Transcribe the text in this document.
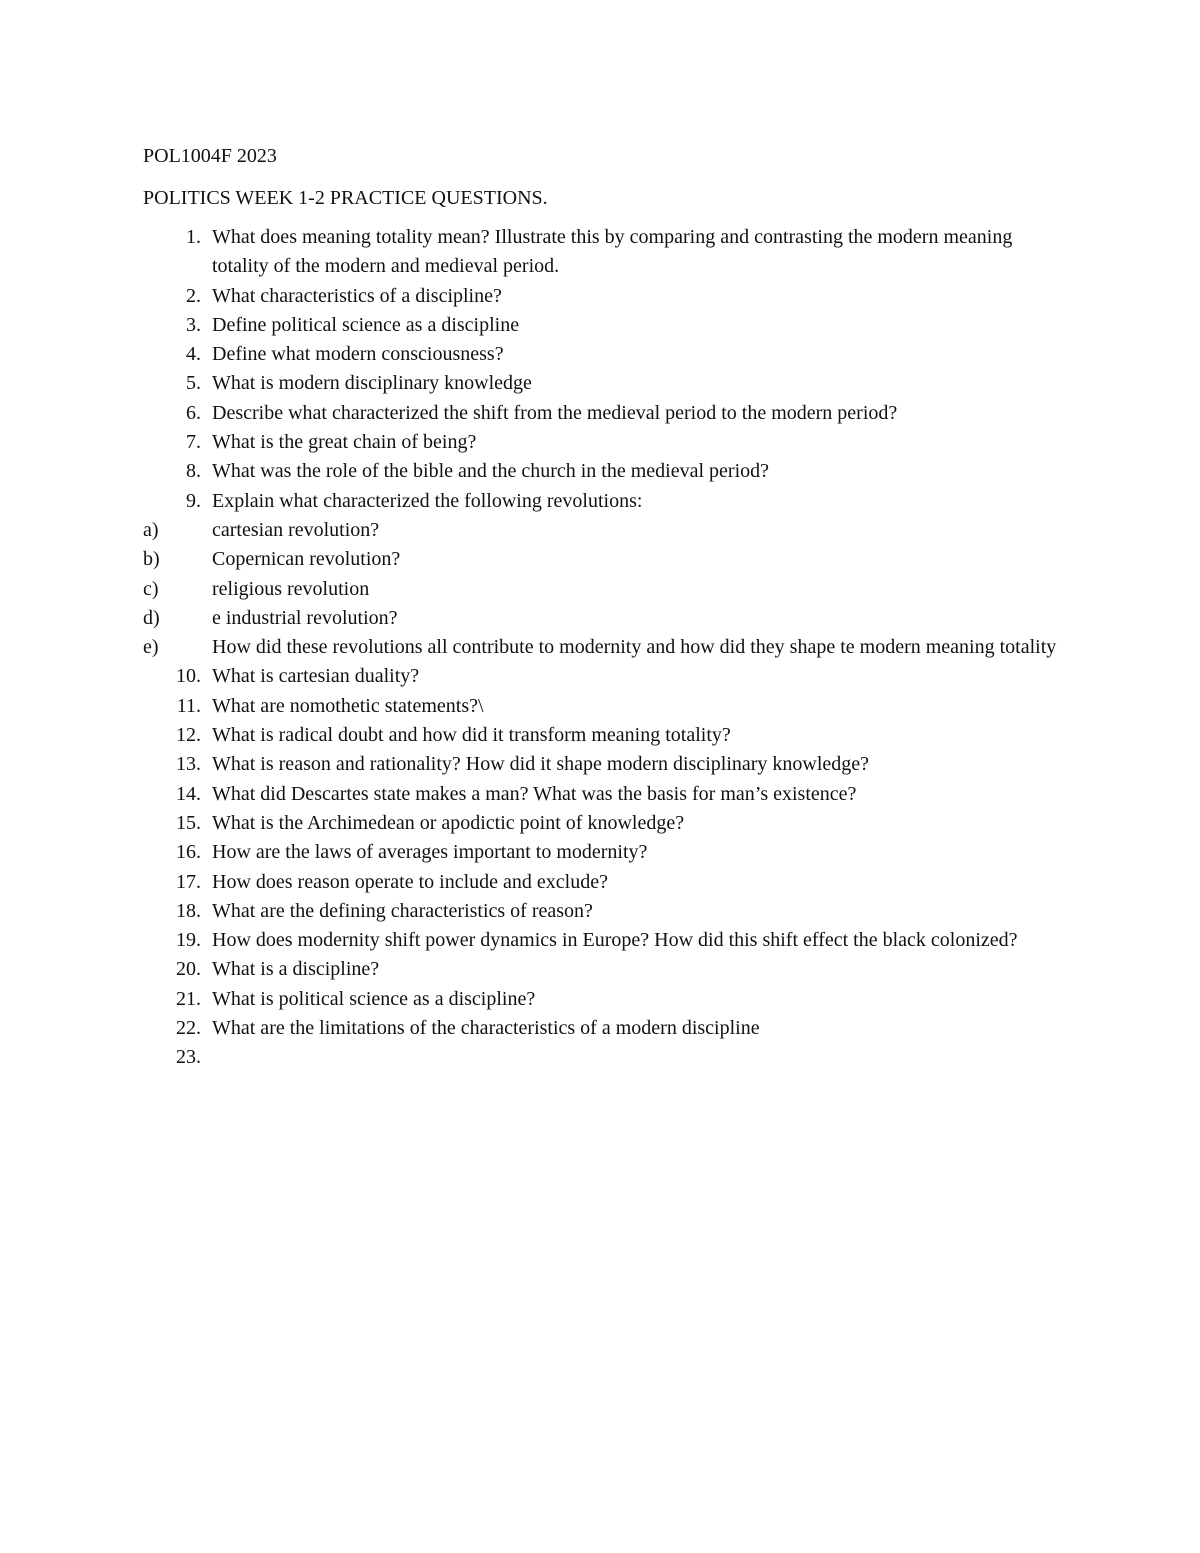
POL1004F 2023

POLITICS WEEK 1-2 PRACTICE QUESTIONS.
1. What does meaning totality mean? Illustrate this by comparing and contrasting the modern meaning totality of the modern and medieval period.
2. What characteristics of a discipline?
3. Define political science as a discipline
4. Define what modern consciousness?
5. What is modern disciplinary knowledge
6. Describe what characterized the shift from the medieval period to the modern period?
7. What is the great chain of being?
8. What was the role of the bible and the church in the medieval period?
9. Explain what characterized the following revolutions:
a)	cartesian revolution?
b)	Copernican revolution?
c)	religious revolution
d)	e industrial revolution?
e)	How did these revolutions all contribute to modernity and how did they shape te modern meaning totality
10. What is cartesian duality?
11. What are nomothetic statements?\
12. What is radical doubt and how did it transform meaning totality?
13. What is reason and rationality? How did it shape modern disciplinary knowledge?
14. What did Descartes state makes a man? What was the basis for man’s existence?
15. What is the Archimedean or apodictic point of knowledge?
16. How are the laws of averages important to modernity?
17. How does reason operate to include and exclude?
18. What are the defining characteristics of reason?
19. How does modernity shift power dynamics in Europe? How did this shift effect the black colonized?
20. What is a discipline?
21. What is political science as a discipline?
22. What are the limitations of the characteristics of a modern discipline
23.
